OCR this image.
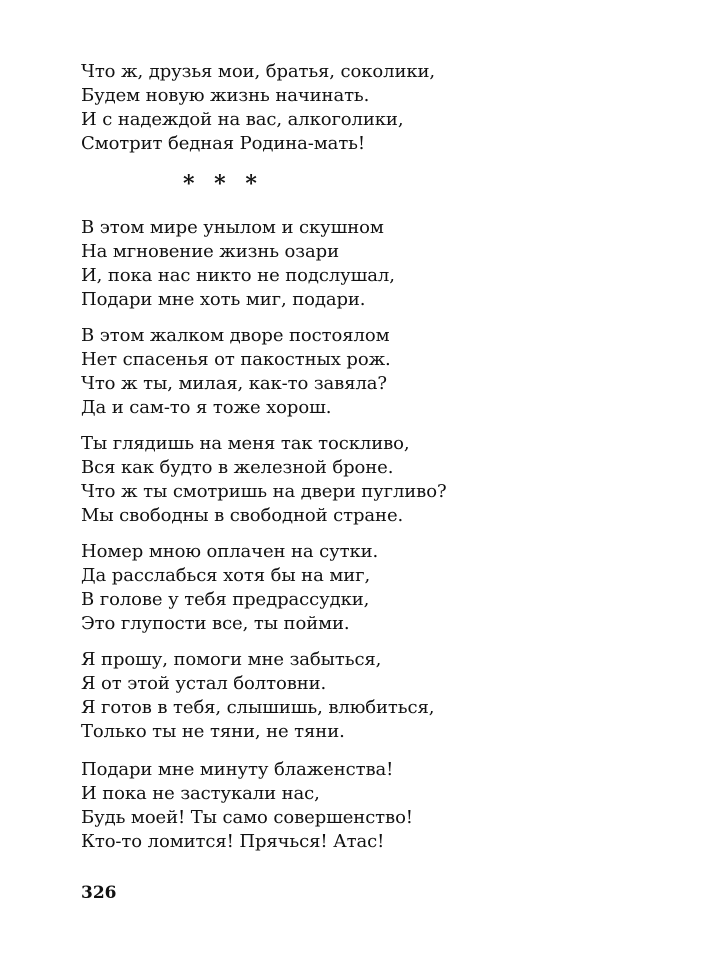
Что ж, друзья мои, братья, соколики,
Будем новую жизнь начинать.
И с надеждой на вас, алкоголики,
Смотрит бедная Родина-мать!
* * *
В этом мире унылом и скушном
На мгновение жизнь озари
И, пока нас никто не подслушал,
Подари мне хоть миг, подари.
В этом жалком дворе постоялом
Нет спасенья от пакостных рож.
Что ж ты, милая, как-то завяла?
Да и сам-то я тоже хорош.
Ты глядишь на меня так тоскливо,
Вся как будто в железной броне.
Что ж ты смотришь на двери пугливо?
Мы свободны в свободной стране.
Номер мною оплачен на сутки.
Да расслабься хотя бы на миг,
В голове у тебя предрассудки,
Это глупости все, ты пойми.
Я прошу, помоги мне забыться,
Я от этой устал болтовни.
Я готов в тебя, слышишь, влюбиться,
Только ты не тяни, не тяни.
Подари мне минуту блаженства!
И пока не застукали нас,
Будь моей! Ты само совершенство!
Кто-то ломится! Прячься! Атас!
326
